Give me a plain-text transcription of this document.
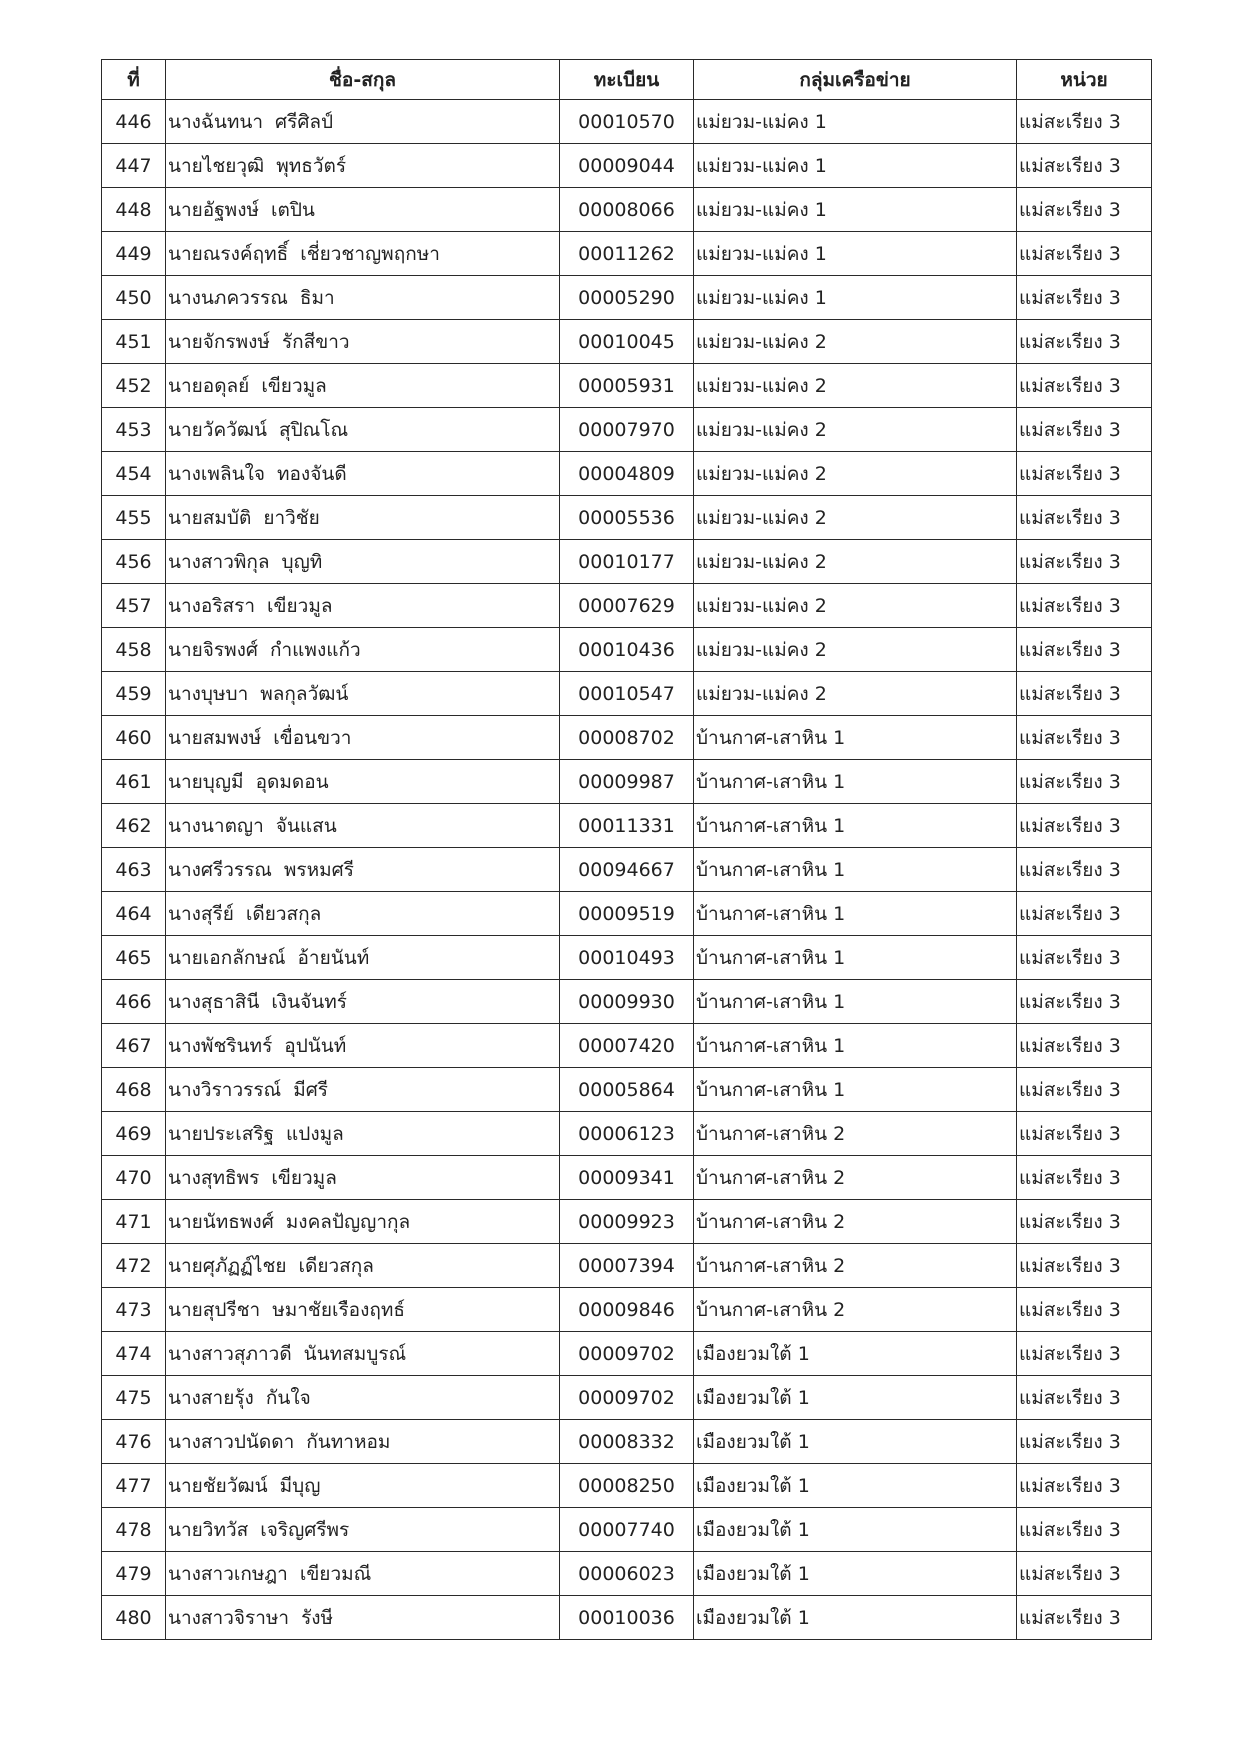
ที่	ชื่อ-สกุล	ทะเบียน	กลุ่มเครือข่าย	หน่วย
446	นางฉันทนา ศรีศิลป์	00010570	แม่ยวม-แม่คง 1	แม่สะเรียง 3
447	นายไชยวุฒิ พุทธวัตร์	00009044	แม่ยวม-แม่คง 1	แม่สะเรียง 3
448	นายอัฐพงษ์ เตปิน	00008066	แม่ยวม-แม่คง 1	แม่สะเรียง 3
449	นายณรงค์ฤทธิ์ เชี่ยวชาญพฤกษา	00011262	แม่ยวม-แม่คง 1	แม่สะเรียง 3
450	นางนภควรรณ ธิมา	00005290	แม่ยวม-แม่คง 1	แม่สะเรียง 3
451	นายจักรพงษ์ รักสีขาว	00010045	แม่ยวม-แม่คง 2	แม่สะเรียง 3
452	นายอดุลย์ เขียวมูล	00005931	แม่ยวม-แม่คง 2	แม่สะเรียง 3
453	นายวัควัฒน์ สุปิณโณ	00007970	แม่ยวม-แม่คง 2	แม่สะเรียง 3
454	นางเพลินใจ ทองจันดี	00004809	แม่ยวม-แม่คง 2	แม่สะเรียง 3
455	นายสมบัติ ยาวิชัย	00005536	แม่ยวม-แม่คง 2	แม่สะเรียง 3
456	นางสาวพิกุล บุญทิ	00010177	แม่ยวม-แม่คง 2	แม่สะเรียง 3
457	นางอริสรา เขียวมูล	00007629	แม่ยวม-แม่คง 2	แม่สะเรียง 3
458	นายจิรพงศ์ กำแพงแก้ว	00010436	แม่ยวม-แม่คง 2	แม่สะเรียง 3
459	นางบุษบา พลกุลวัฒน์	00010547	แม่ยวม-แม่คง 2	แม่สะเรียง 3
460	นายสมพงษ์ เขื่อนขวา	00008702	บ้านกาศ-เสาหิน 1	แม่สะเรียง 3
461	นายบุญมี อุดมดอน	00009987	บ้านกาศ-เสาหิน 1	แม่สะเรียง 3
462	นางนาตญา จันแสน	00011331	บ้านกาศ-เสาหิน 1	แม่สะเรียง 3
463	นางศรีวรรณ พรหมศรี	00094667	บ้านกาศ-เสาหิน 1	แม่สะเรียง 3
464	นางสุรีย์ เดียวสกุล	00009519	บ้านกาศ-เสาหิน 1	แม่สะเรียง 3
465	นายเอกลักษณ์ อ้ายนันท์	00010493	บ้านกาศ-เสาหิน 1	แม่สะเรียง 3
466	นางสุธาสินี เงินจันทร์	00009930	บ้านกาศ-เสาหิน 1	แม่สะเรียง 3
467	นางพัชรินทร์ อุปนันท์	00007420	บ้านกาศ-เสาหิน 1	แม่สะเรียง 3
468	นางวิราวรรณ์ มีศรี	00005864	บ้านกาศ-เสาหิน 1	แม่สะเรียง 3
469	นายประเสริฐ แปงมูล	00006123	บ้านกาศ-เสาหิน 2	แม่สะเรียง 3
470	นางสุทธิพร เขียวมูล	00009341	บ้านกาศ-เสาหิน 2	แม่สะเรียง 3
471	นายนัทธพงศ์ มงคลปัญญากุล	00009923	บ้านกาศ-เสาหิน 2	แม่สะเรียง 3
472	นายศุภัฏฏ์ไชย เดียวสกุล	00007394	บ้านกาศ-เสาหิน 2	แม่สะเรียง 3
473	นายสุปรีชา ษมาชัยเรืองฤทธ์	00009846	บ้านกาศ-เสาหิน 2	แม่สะเรียง 3
474	นางสาวสุภาวดี นันทสมบูรณ์	00009702	เมืองยวมใต้ 1	แม่สะเรียง 3
475	นางสายรุ้ง กันใจ	00009702	เมืองยวมใต้ 1	แม่สะเรียง 3
476	นางสาวปนัดดา กันทาหอม	00008332	เมืองยวมใต้ 1	แม่สะเรียง 3
477	นายชัยวัฒน์ มีบุญ	00008250	เมืองยวมใต้ 1	แม่สะเรียง 3
478	นายวิทวัส เจริญศรีพร	00007740	เมืองยวมใต้ 1	แม่สะเรียง 3
479	นางสาวเกษฎา เขียวมณี	00006023	เมืองยวมใต้ 1	แม่สะเรียง 3
480	นางสาวจิราษา รังษี	00010036	เมืองยวมใต้ 1	แม่สะเรียง 3
